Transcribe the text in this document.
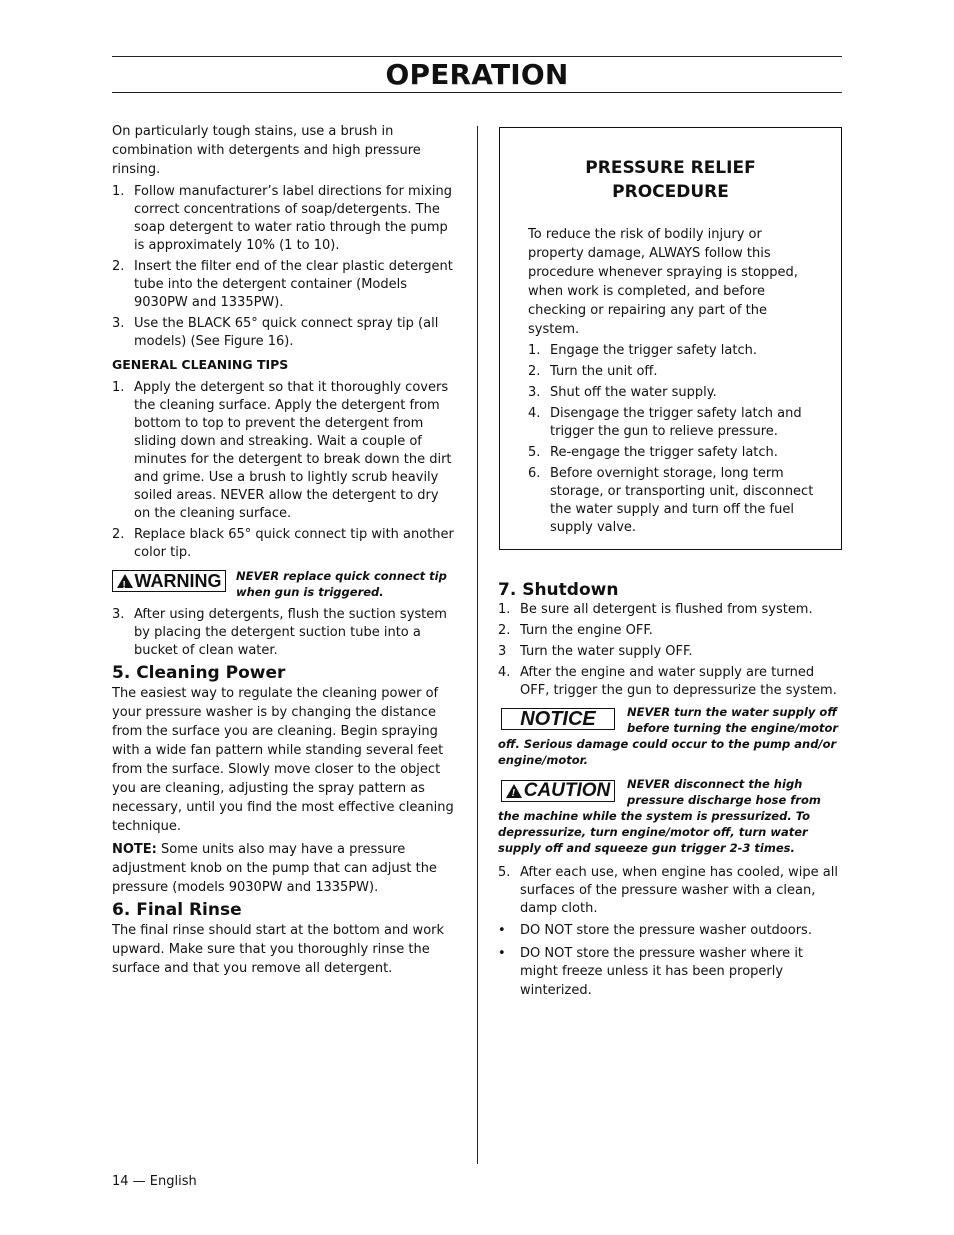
OPERATION

On particularly tough stains, use a brush in combination with detergents and high pressure rinsing.

1. Follow manufacturer’s label directions for mixing correct concentrations of soap/detergents. The soap detergent to water ratio through the pump is approximately 10% (1 to 10).
2. Insert the filter end of the clear plastic detergent tube into the detergent container (Models 9030PW and 1335PW).
3. Use the BLACK 65° quick connect spray tip (all models) (See Figure 16).
GENERAL CLEANING TIPS
1. Apply the detergent so that it thoroughly covers the cleaning surface. Apply the detergent from bottom to top to prevent the detergent from sliding down and streaking. Wait a couple of minutes for the detergent to break down the dirt and grime. Use a brush to lightly scrub heavily soiled areas. NEVER allow the detergent to dry on the cleaning surface.
2. Replace black 65° quick connect tip with another color tip.
!
WARNING NEVER replace quick connect tip when gun is triggered.
3. After using detergents, flush the suction system by placing the detergent suction tube into a bucket of clean water.
5. Cleaning Power

The easiest way to regulate the cleaning power of your pressure washer is by changing the distance from the surface you are cleaning. Begin spraying with a wide fan pattern while standing several feet from the surface. Slowly move closer to the object you are cleaning, adjusting the spray pattern as necessary, until you find the most effective cleaning technique.

NOTE: Some units also may have a pressure adjustment knob on the pump that can adjust the pressure (models 9030PW and 1335PW).

6. Final Rinse

The final rinse should start at the bottom and work upward. Make sure that you thoroughly rinse the surface and that you remove all detergent.

PRESSURE RELIEF
PROCEDURE

To reduce the risk of bodily injury or property damage, ALWAYS follow this procedure whenever spraying is stopped, when work is completed, and before checking or repairing any part of the system.

1. Engage the trigger safety latch.
2. Turn the unit off.
3. Shut off the water supply.
4. Disengage the trigger safety latch and trigger the gun to relieve pressure.
5. Re-engage the trigger safety latch.
6. Before overnight storage, long term storage, or transporting unit, disconnect the water supply and turn off the fuel supply valve.
7. Shutdown
1. Be sure all detergent is flushed from system.
2. Turn the engine OFF.
3	Turn the water supply OFF.
4. After the engine and water supply are turned OFF, trigger the gun to depressurize the system.
NOTICE	NEVER turn the water supply off before turning the engine/motor off. Serious damage could occur to the pump and/or engine/motor.
!
CAUTION NEVER disconnect the high pressure discharge hose from the machine while the system is pressurized. To depressurize, turn engine/motor off, turn water supply off and squeeze gun trigger 2-3 times.
5. After each use, when engine has cooled, wipe all surfaces of the pressure washer with a clean, damp cloth.
•	DO NOT store the pressure washer outdoors.
•	DO NOT store the pressure washer where it might freeze unless it has been properly winterized.
14 — English
